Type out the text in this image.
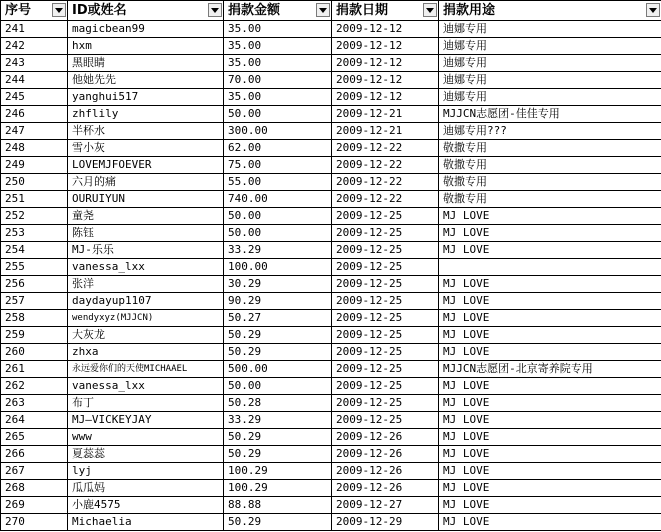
序号	ID或姓名	捐款金额	捐款日期	捐款用途

241	magicbean99	35.00	2009-12-12	迪娜专用
242	hxm	35.00	2009-12-12	迪娜专用
243	黑眼睛	35.00	2009-12-12	迪娜专用
244	他她先先	70.00	2009-12-12	迪娜专用
245	yanghui517	35.00	2009-12-12	迪娜专用
246	zhflily	50.00	2009-12-21	MJJCN志愿团-佳佳专用
247	半杯水	300.00	2009-12-21	迪娜专用???
248	雪小灰	62.00	2009-12-22	敬撒专用
249	LOVEMJFOEVER	75.00	2009-12-22	敬撒专用
250	六月的痛	55.00	2009-12-22	敬撒专用
251	OURUIYUN	740.00	2009-12-22	敬撒专用
252	童尧	50.00	2009-12-25	MJ LOVE
253	陈钰	50.00	2009-12-25	MJ LOVE
254	MJ-乐乐	33.29	2009-12-25	MJ LOVE
255	vanessa_lxx	100.00	2009-12-25	
256	张洋	30.29	2009-12-25	MJ LOVE
257	daydayup1107	90.29	2009-12-25	MJ LOVE
258	wendyxyz(MJJCN)	50.27	2009-12-25	MJ LOVE
259	大灰龙	50.29	2009-12-25	MJ LOVE
260	zhxa	50.29	2009-12-25	MJ LOVE
261	永远爱你们的天使MICHAAEL	500.00	2009-12-25	MJJCN志愿团-北京寄养院专用
262	vanessa_lxx	50.00	2009-12-25	MJ LOVE
263	布丁	50.28	2009-12-25	MJ LOVE
264	MJ—VICKEYJAY	33.29	2009-12-25	MJ LOVE
265	www	50.29	2009-12-26	MJ LOVE
266	夏蕊蕊	50.29	2009-12-26	MJ LOVE
267	lyj	100.29	2009-12-26	MJ LOVE
268	瓜瓜妈	100.29	2009-12-26	MJ LOVE
269	小鹿4575	88.88	2009-12-27	MJ LOVE
270	Michaelia	50.29	2009-12-29	MJ LOVE
